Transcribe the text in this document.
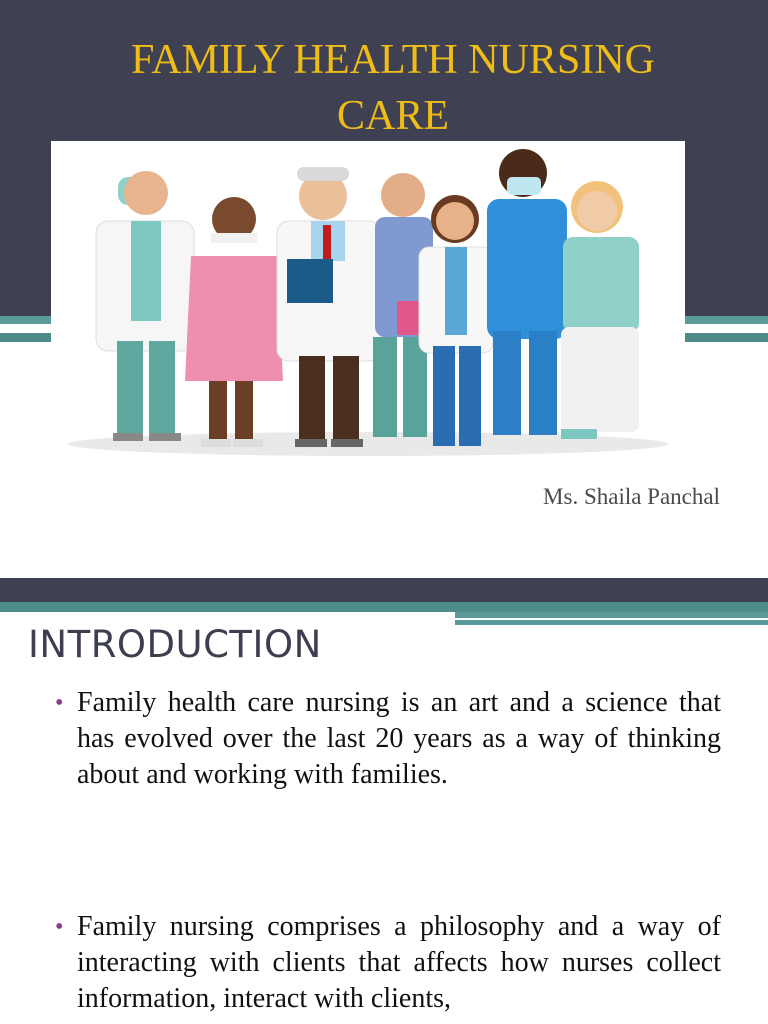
FAMILY HEALTH NURSING
CARE
Ms. Shaila Panchal
INTRODUCTION
• Family health care nursing is an art and a science that has evolved over the last 20 years as a way of thinking about and working with families.
• Family nursing comprises a philosophy and a way of interacting with clients that affects how nurses collect information, interact with clients,
